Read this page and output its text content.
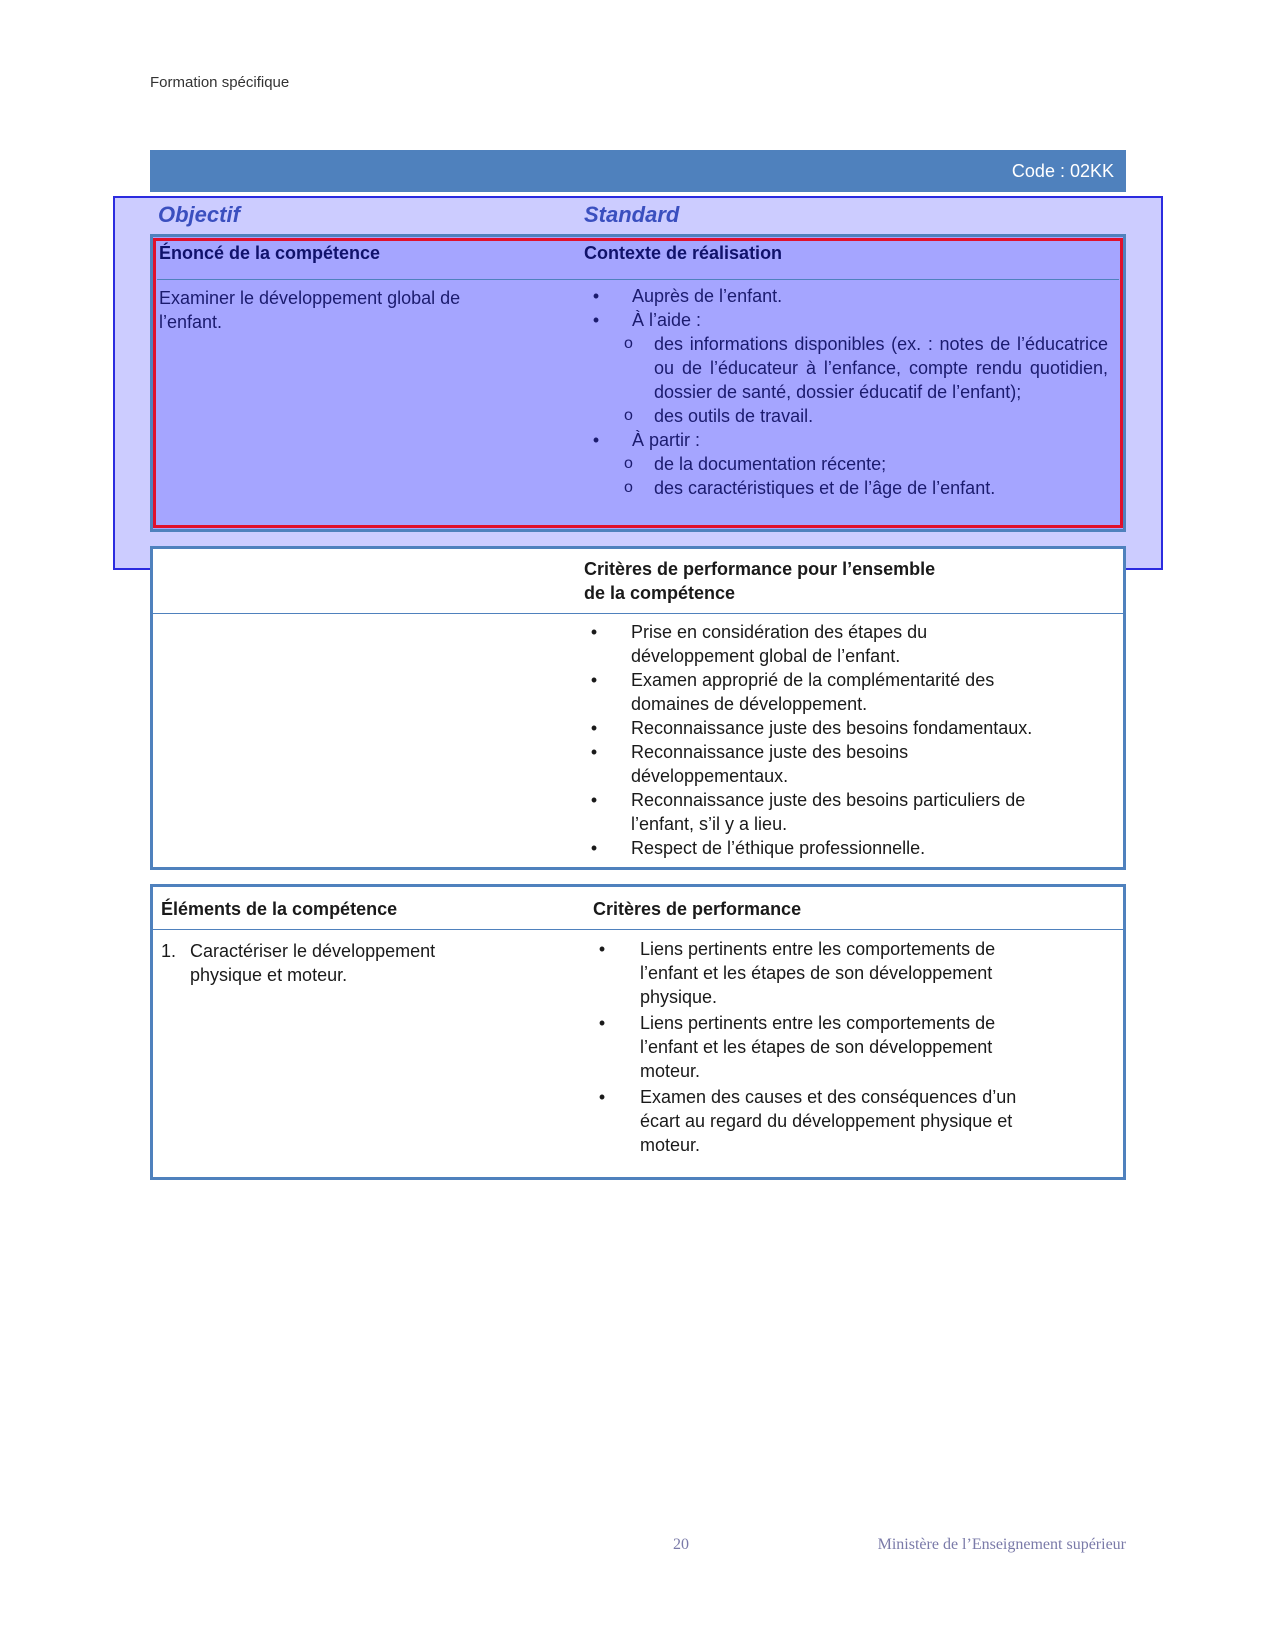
Formation spécifique
Code : 02KK
Objectif	Standard
Énoncé de la compétence	Contexte de réalisation
Examiner le développement global de
l’enfant.
• Auprès de l’enfant.
• À l’aide :
o des informations disponibles (ex. : notes de l’éducatrice ou de l’éducateur à l’enfance, compte rendu quotidien, dossier de santé, dossier éducatif de l’enfant);
o des outils de travail.
• À partir :
o de la documentation récente;
o des caractéristiques et de l’âge de l’enfant.
Critères de performance pour l’ensemble
de la compétence
• Prise en considération des étapes du
développement global de l’enfant.
• Examen approprié de la complémentarité des
domaines de développement.
• Reconnaissance juste des besoins fondamentaux.
• Reconnaissance juste des besoins
développementaux.
• Reconnaissance juste des besoins particuliers de
l’enfant, s’il y a lieu.
• Respect de l’éthique professionnelle.
Éléments de la compétence	Critères de performance
1. Caractériser le développement
physique et moteur.
• Liens pertinents entre les comportements de
l’enfant et les étapes de son développement
physique.
• Liens pertinents entre les comportements de
l’enfant et les étapes de son développement
moteur.
• Examen des causes et des conséquences d’un
écart au regard du développement physique et
moteur.
20	Ministère de l’Enseignement supérieur
